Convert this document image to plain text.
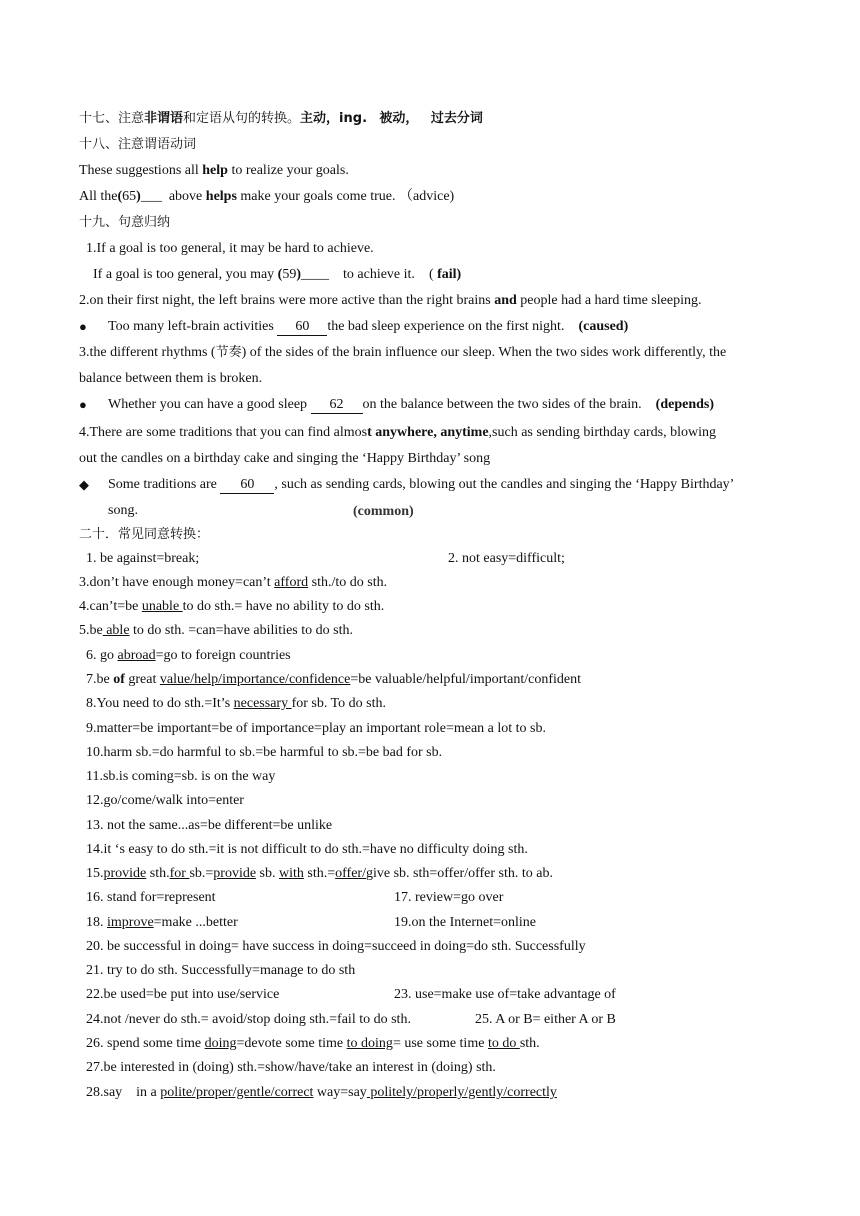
十七、注意非谓语和定语从句的转换。主动，ing. 被动， 过去分词
十八、注意谓语动词
These suggestions all help to realize your goals.
All the(65)___ above helps make your goals come true. （advice)
十九、句意归纳
1.If a goal is too general, it may be hard to achieve.
If a goal is too general, you may (59)____ to achieve it. ( fail)
2.on their first night, the left brains were more active than the right brains and people had a hard time sleeping.
● Too many left-brain activities 60 the bad sleep experience on the first night. (caused)
3.the different rhythms (节奏) of the sides of the brain influence our sleep. When the two sides work differently, the
balance between them is broken.
● Whether you can have a good sleep 62 on the balance between the two sides of the brain. (depends)
4.There are some traditions that you can find almost anywhere, anytime,such as sending birthday cards, blowing
out the candles on a birthday cake and singing the ‘Happy Birthday’ song
◆ Some traditions are 60 , such as sending cards, blowing out the candles and singing the ‘Happy Birthday’
song.	(common)
二十．常见同意转换：
1. be against=break;	2. not easy=difficult;
3.don’t have enough money=can’t afford sth./to do sth.
4.can’t=be unable to do sth.= have no ability to do sth.
5.be able to do sth. =can=have abilities to do sth.
6. go abroad=go to foreign countries
7.be of great value/help/importance/confidence=be valuable/helpful/important/confident
8.You need to do sth.=It’s necessary for sb. To do sth.
9.matter=be important=be of importance=play an important role=mean a lot to sb.
10.harm sb.=do harmful to sb.=be harmful to sb.=be bad for sb.
11.sb.is coming=sb. is on the way
12.go/come/walk into=enter
13. not the same...as=be different=be unlike
14.it ‘s easy to do sth.=it is not difficult to do sth.=have no difficulty doing sth.
15.provide sth.for sb.=provide sb. with sth.=offer/give sb. sth=offer/offer sth. to ab.
16. stand for=represent	17. review=go over
18. improve=make ...better	19.on the Internet=online
20. be successful in doing= have success in doing=succeed in doing=do sth. Successfully
21. try to do sth. Successfully=manage to do sth
22.be used=be put into use/service	23. use=make use of=take advantage of
24.not /never do sth.= avoid/stop doing sth.=fail to do sth.	25. A or B= either A or B
26. spend some time doing=devote some time to doing= use some time to do sth.
27.be interested in (doing) sth.=show/have/take an interest in (doing) sth.
28.say    in a polite/proper/gentle/correct way=say politely/properly/gently/correctly
